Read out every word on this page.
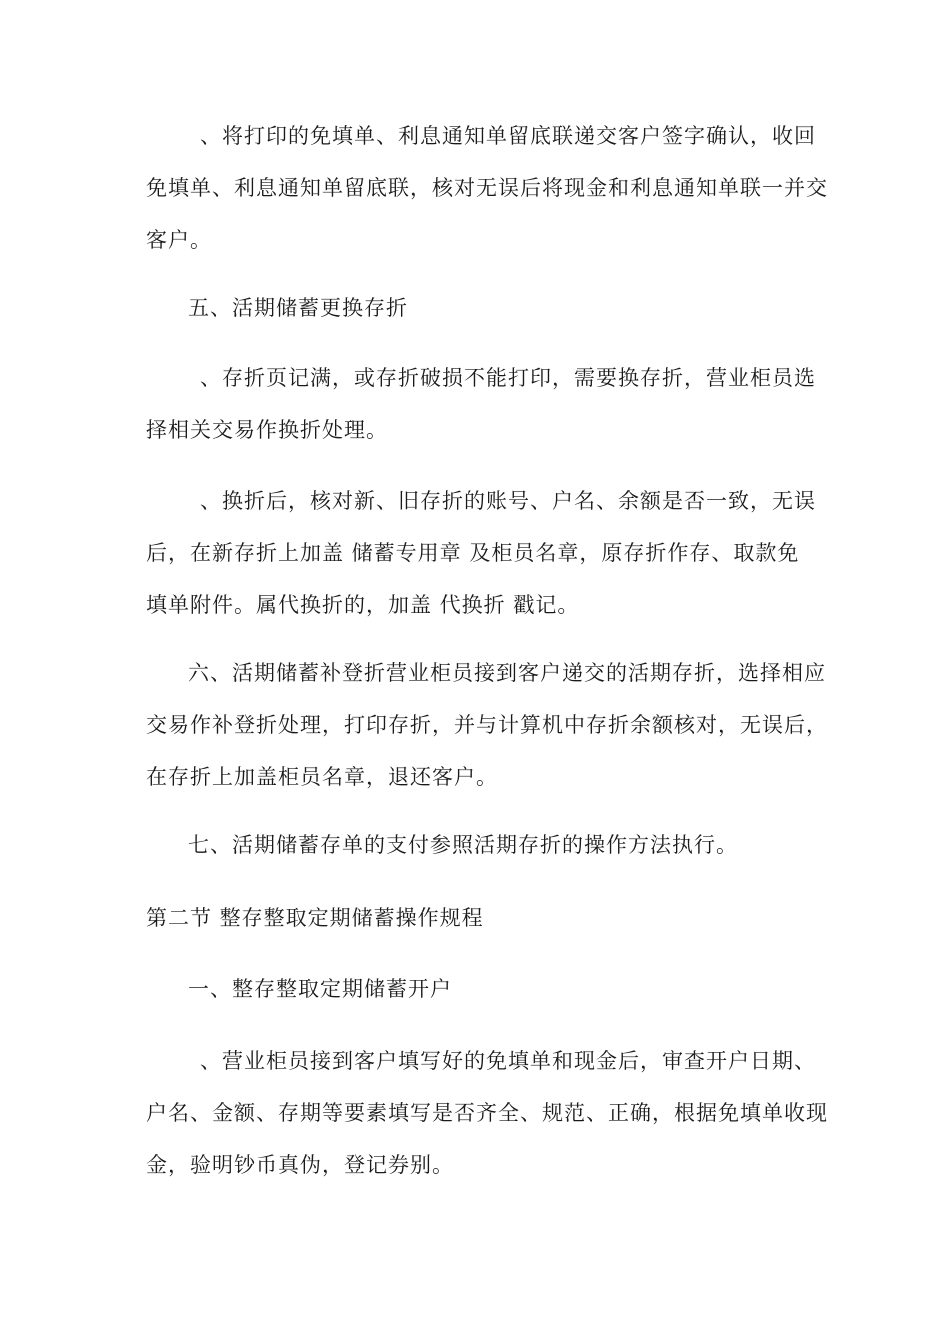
、将打印的免填单、利息通知单留底联递交客户签字确认，收回
免填单、利息通知单留底联，核对无误后将现金和利息通知单联一并交
客户。
五、活期储蓄更换存折
、存折页记满，或存折破损不能打印，需要换存折，营业柜员选
择相关交易作换折处理。
、换折后，核对新、旧存折的账号、户名、余额是否一致，无误
后，在新存折上加盖 储蓄专用章 及柜员名章，原存折作存、取款免
填单附件。属代换折的，加盖 代换折 戳记。
六、活期储蓄补登折营业柜员接到客户递交的活期存折，选择相应
交易作补登折处理，打印存折，并与计算机中存折余额核对，无误后，
在存折上加盖柜员名章，退还客户。
七、活期储蓄存单的支付参照活期存折的操作方法执行。
第二节 整存整取定期储蓄操作规程
一、整存整取定期储蓄开户
、营业柜员接到客户填写好的免填单和现金后，审查开户日期、
户名、金额、存期等要素填写是否齐全、规范、正确，根据免填单收现
金，验明钞币真伪，登记券别。
